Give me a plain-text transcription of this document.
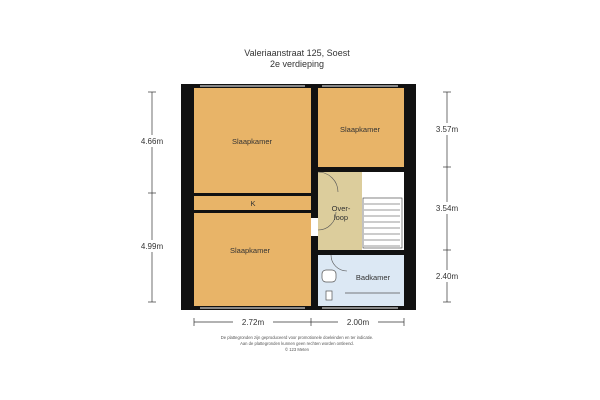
Valeriaanstraat 125, Soest
2e verdieping
Slaapkamer
Slaapkamer
K
Slaapkamer
Over-
loop
Badkamer
4.66m
4.99m
3.57m
3.54m
2.40m
2.72m	2.00m
De plattegronden zijn geproduceerd voor promotionele doeleinden en ter indicatie.
Aan de plattegronden kunnen geen rechten worden ontleend.
© 123 Meten
